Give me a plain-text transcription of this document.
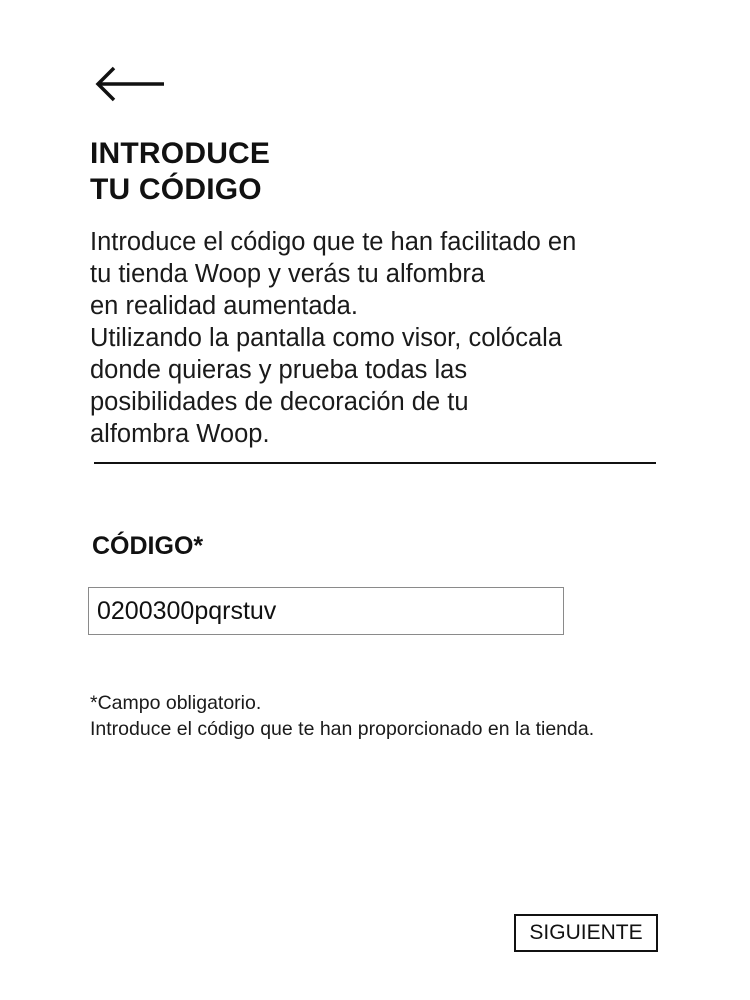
INTRODUCE
TU CÓDIGO

Introduce el código que te han facilitado en
tu tienda Woop y verás tu alfombra
en realidad aumentada.
Utilizando la pantalla como visor, colócala
donde quieras y prueba todas las
posibilidades de decoración de tu
alfombra Woop.

CÓDIGO*
0200300pqrstuv

*Campo obligatorio.
Introduce el código que te han proporcionado en la tienda.

SIGUIENTE
